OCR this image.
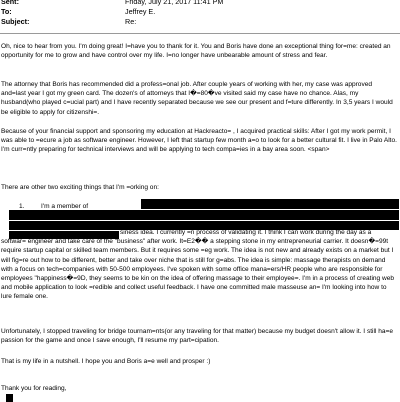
Sent:	Friday, July 21, 2017 11:41 PM
To:	Jeffrey E.
Subject:	Re:

Oh, nice to hear from you. I'm doing great! I=have you to thank for it. You and Boris have done an exceptional thing for=me: created an opportunity for me to grow and have control over my life. I=no longer have unbearable amount of stress and fear.

The attorney that Boris has recommended did a profess=onal job. After couple years of working with her, my case was approved and=last year I got my green card. The dozen's of attorneys that I�=80�ve visited said my case have no chance. Alas, my husband(who played c=ucial part) and I have recently separated because we see our present and f=ture differently. In 3,5 years I would be eligible to apply for citizenshi=.

Because of your financial support and sponsoring my education at Hackreacto= , I acquired practical skills: After I got my work permit, I was able to =ecure a job as software engineer. However, I left that startup few month a=o to look for a better cultural fit. I live in Palo Alto. I'm curr=ntly preparing for technical interviews and will be applying to tech compa=ies in a bay area soon. <span>

There are other two exciting things that I'm =orking on:

1.	I'm a member of

siness idea. I currently =n process of validating it. I think I can work during the day as a softwar= engineer and take care of the "business" after work. It=E2�� a stepping stone in my entrepreneurial carrier. It doesn�=99t require startup capital or skilled team members. But it requires some =eg work. The idea is not new and already exists on a market but I will fig=re out how to be different, better and take over niche that is still for g=abs. The idea is simple: massage therapists on demand with a focus on tech=companies with 50-500 employees. I've spoken with some office mana=ers/HR people who are responsible for employees "happiness�=9D, they seems to be kin on the idea of offering massage to their employee=. I'm in a process of creating web and mobile application to look =redible and collect useful feedback. I have one committed male masseuse an= I'm looking into how to lure female one.

Unfortunately, I stopped traveling for bridge tournam=nts(or any traveling for that matter) because my budget doesn't allow it. I still ha=e passion for the game and once I save enough, I'll resume my part=cipation.

That is my life in a nutshell. I hope you and Boris a=e well and prosper :)

Thank you for reading,
